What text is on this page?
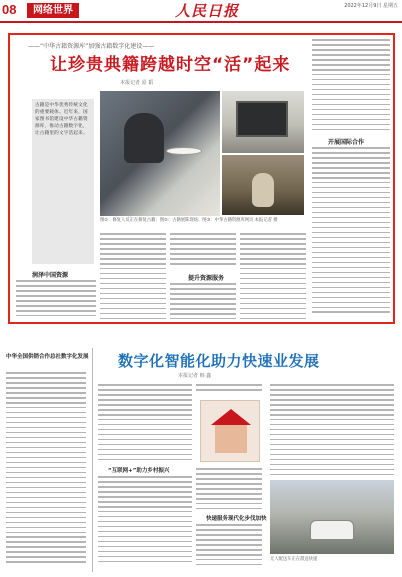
08	网络世界	人民日报	2022年12月9日 星期五
——“中华古籍资源库”加强古籍数字化建设——
让珍贵典籍跨越时空“活”起来
本报记者 原 韬
古籍是中华优秀传统文化的重要载体。近年来，国家图书馆建设中华古籍资源库，推动古籍数字化，让古籍里的文字活起来。
图①：修复人员正在修复古籍；图②：古籍展陈现场；图③：中华古籍资源库网页 本报记者 摄
润泽中国资源	提升资源服务
开展国际合作
中华全国供销合作总社数字化发展 数字化智能化助力快速业发展
本报记者 韩 鑫
“互联网+”助力乡村振兴
快递服务现代化步伐加快
无人配送车正在派送快递
